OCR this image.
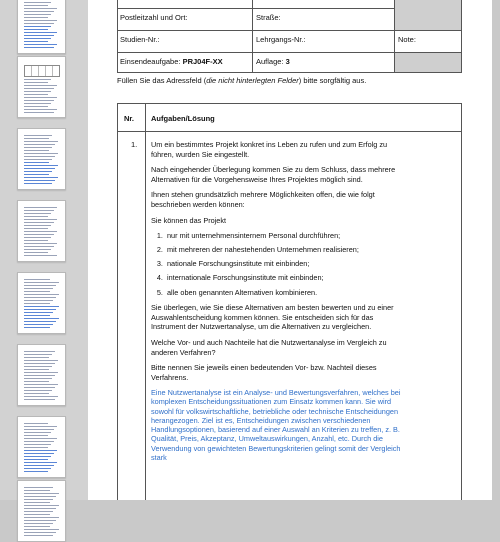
Postleitzahl und Ort:	Straße:
Studien-Nr.:	Lehrgangs-Nr.:	Note:
Einsendeaufgabe: PRJ04F-XX	Auflage: 3
Füllen Sie das Adressfeld (die nicht hinterlegten Felder) bitte sorgfältig aus.
Nr. Aufgaben/Lösung
1. Um ein bestimmtes Projekt konkret ins Leben zu rufen und zum Erfolg zu führen, wurden Sie eingestellt.

Nach eingehender Überlegung kommen Sie zu dem Schluss, dass mehrere Alternativen für die Vorgehensweise Ihres Projektes möglich sind.

Ihnen stehen grundsätzlich mehrere Möglichkeiten offen, die wie folgt beschrieben werden können:

Sie können das Projekt

1. nur mit unternehmensinternem Personal durchführen;
2. mit mehreren der nahestehenden Unternehmen realisieren;
3. nationale Forschungsinstitute mit einbinden;
4. internationale Forschungsinstitute mit einbinden;
5. alle oben genannten Alternativen kombinieren.

Sie überlegen, wie Sie diese Alternativen am besten bewerten und zu einer Auswahlentscheidung kommen können. Sie entscheiden sich für das Instrument der Nutzwertanalyse, um die Alternativen zu vergleichen.

Welche Vor- und auch Nachteile hat die Nutzwertanalyse im Vergleich zu anderen Verfahren?

Bitte nennen Sie jeweils einen bedeutenden Vor- bzw. Nachteil dieses Verfahrens.

Eine Nutzwertanalyse ist ein Analyse- und Bewertungsverfahren, welches bei komplexen Entscheidungssituationen zum Einsatz kommen kann. Sie wird sowohl für volkswirtschaftliche, betriebliche oder technische Entscheidungen herangezogen. Ziel ist es, Entscheidungen zwischen verschiedenen Handlungsoptionen, basierend auf einer Auswahl an Kriterien zu treffen, z. B. Qualität, Preis, Akzeptanz, Umweltauswirkungen, Anzahl, etc. Durch die Verwendung von gewichteten Bewertungskriterien gelingt somit der Vergleich stark
